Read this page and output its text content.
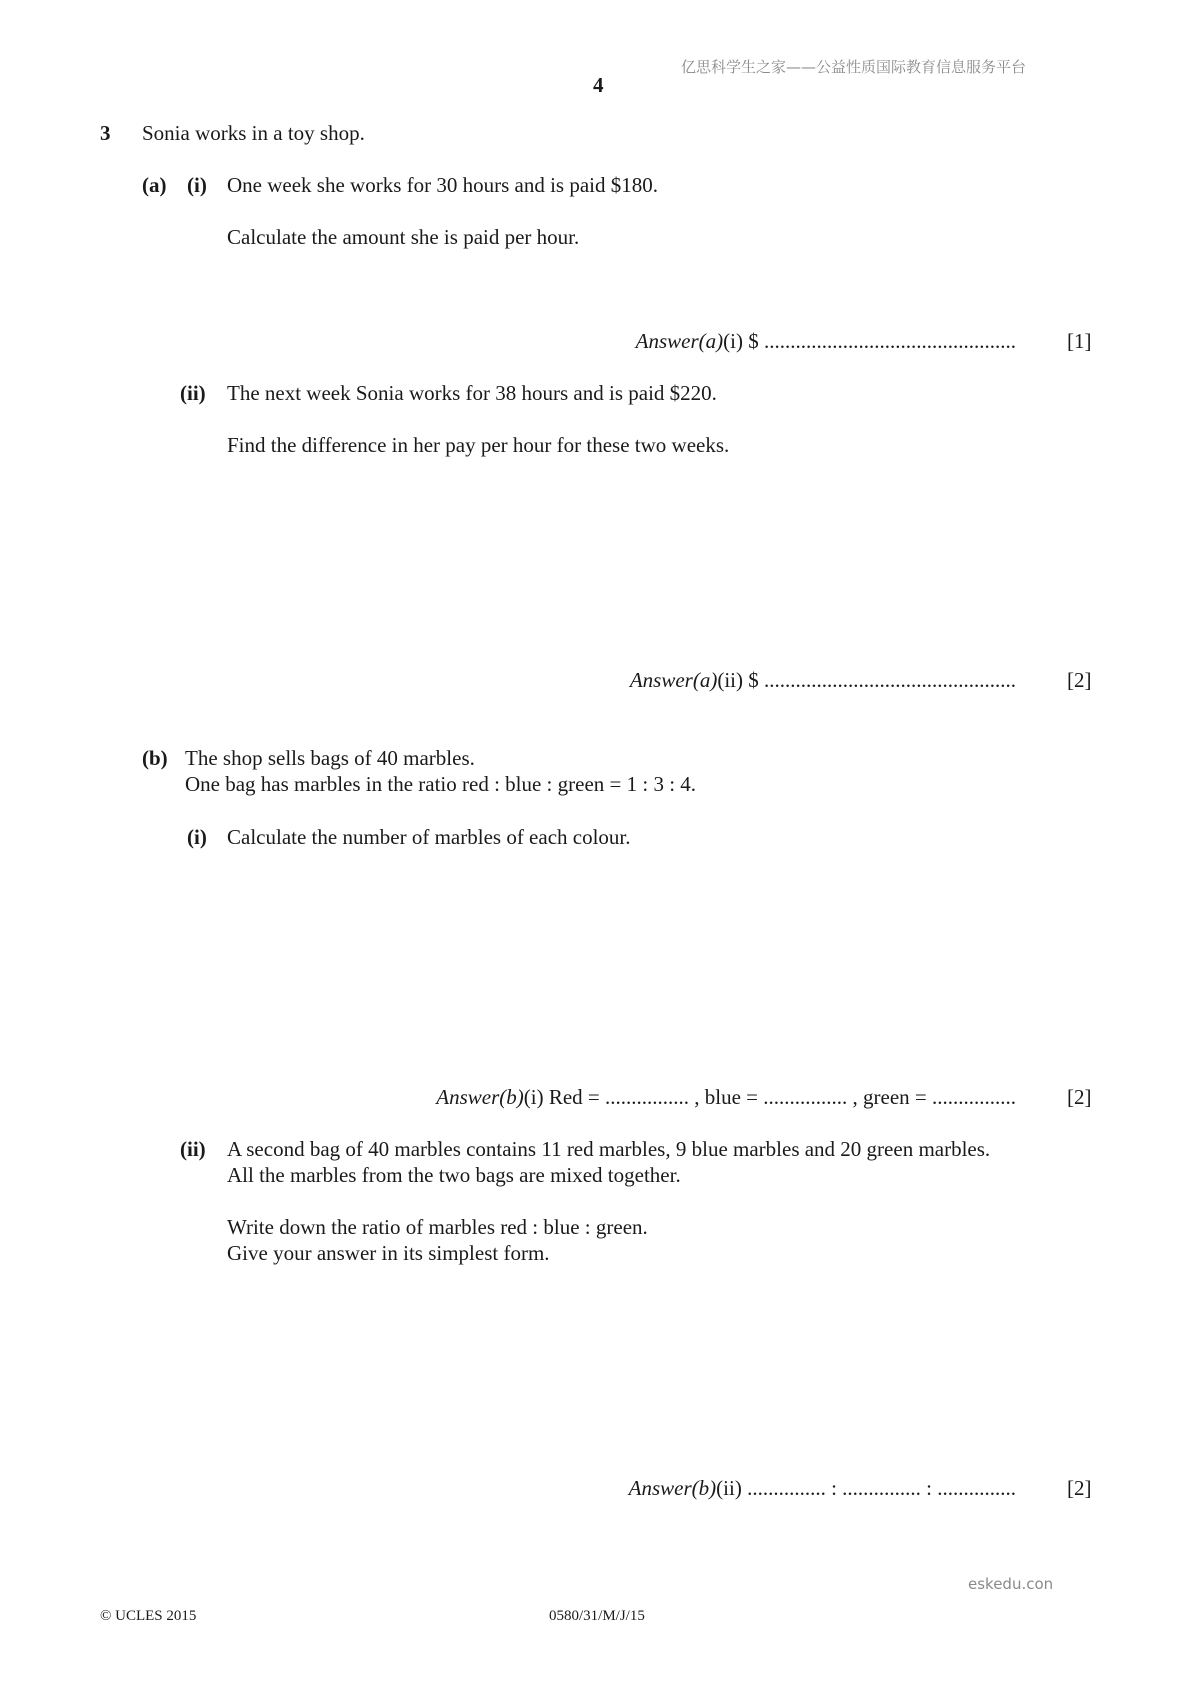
亿思科学生之家——公益性质国际教育信息服务平台
4
3 Sonia works in a toy shop.
(a) (i) One week she works for 30 hours and is paid $180.
Calculate the amount she is paid per hour.
Answer(a)(i) $ ................................................ [1]
(ii) The next week Sonia works for 38 hours and is paid $220.
Find the difference in her pay per hour for these two weeks.
Answer(a)(ii) $ ................................................ [2]
(b) The shop sells bags of 40 marbles.
One bag has marbles in the ratio red : blue : green = 1 : 3 : 4.
(i) Calculate the number of marbles of each colour.
Answer(b)(i) Red = ................ , blue = ................ , green = ................ [2]
(ii) A second bag of 40 marbles contains 11 red marbles, 9 blue marbles and 20 green marbles.
All the marbles from the two bags are mixed together.
Write down the ratio of marbles red : blue : green.
Give your answer in its simplest form.
Answer(b)(ii) ............... : ............... : ............... [2]
eskedu.con
© UCLES 2015	0580/31/M/J/15
